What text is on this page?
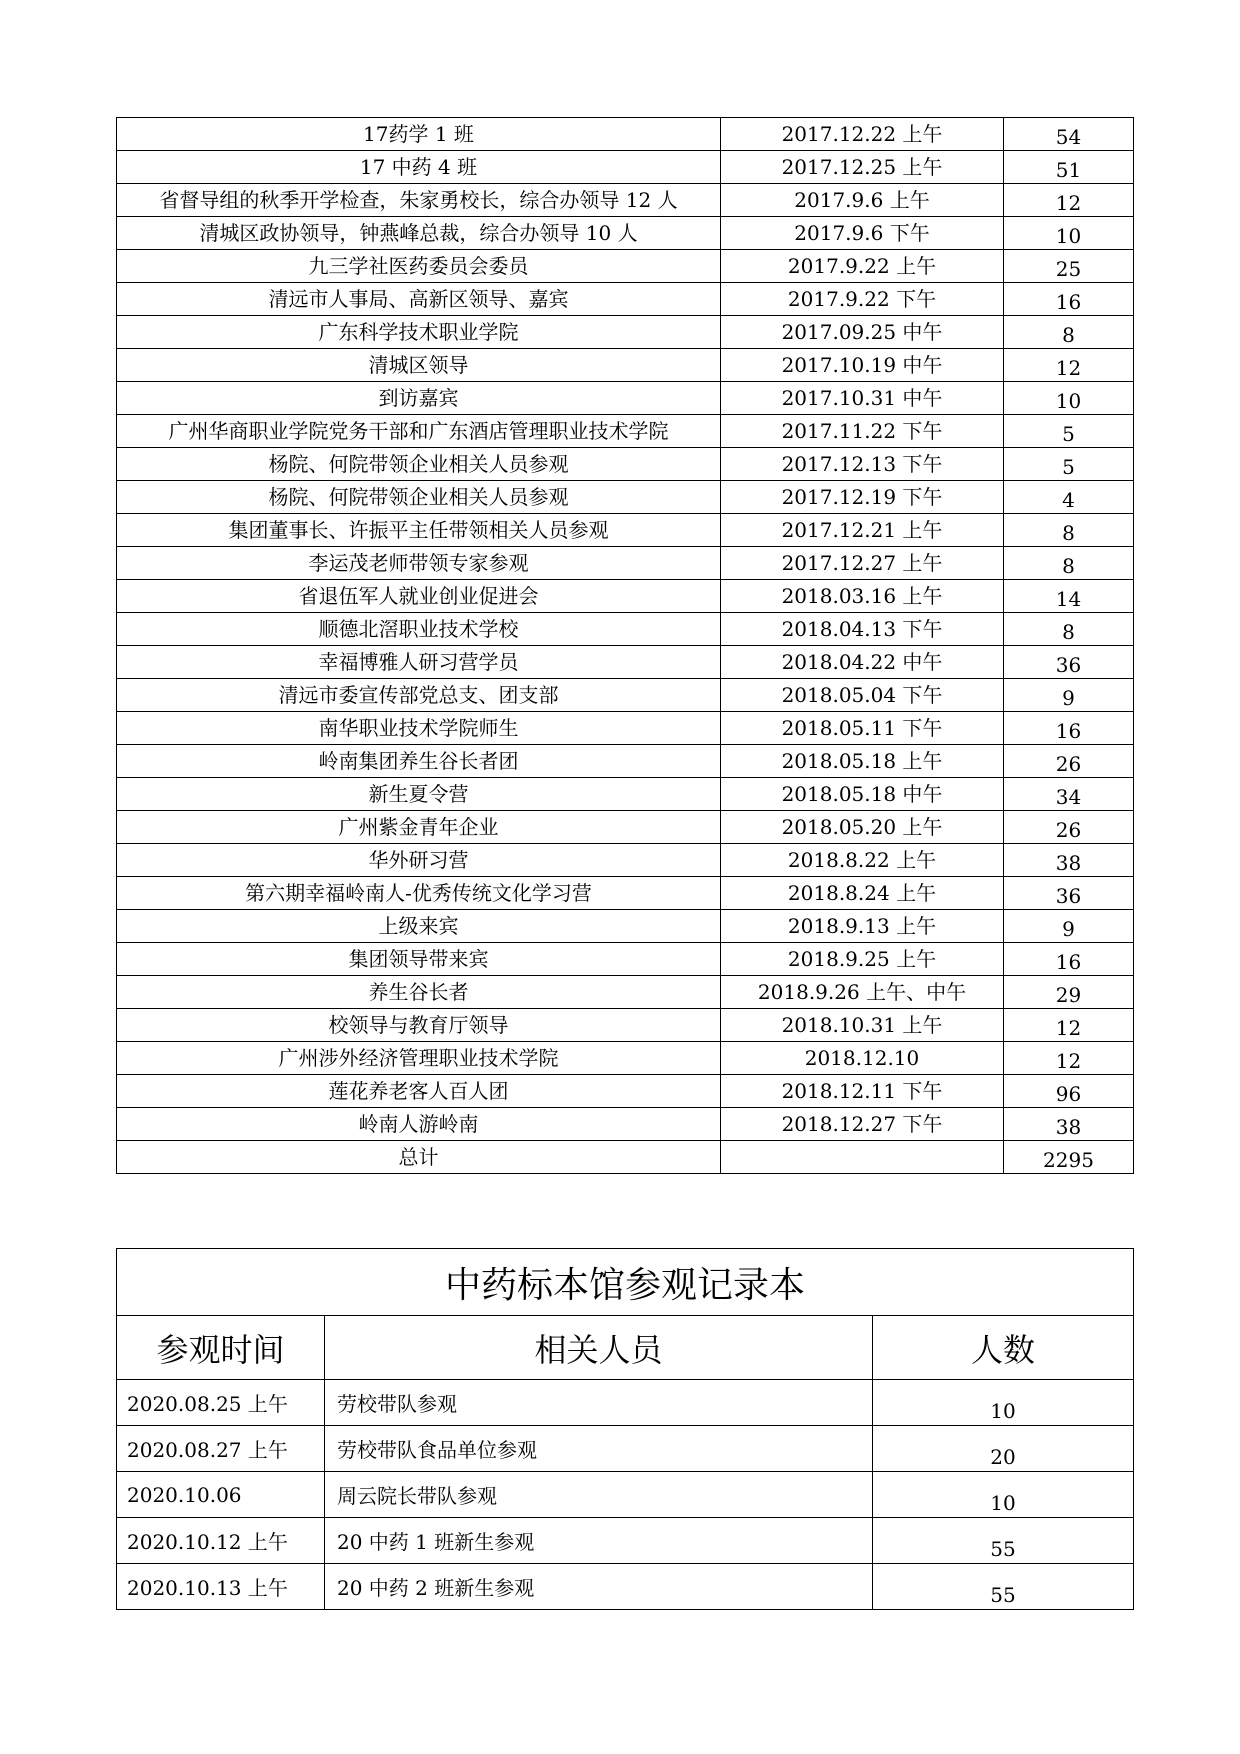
17药学 1 班	2017.12.22 上午	54
17 中药 4 班	2017.12.25 上午	51
省督导组的秋季开学检查，朱家勇校长，综合办领导 12 人	2017.9.6 上午	12
清城区政协领导，钟燕峰总裁，综合办领导 10 人	2017.9.6 下午	10
九三学社医药委员会委员	2017.9.22 上午	25
清远市人事局、高新区领导、嘉宾	2017.9.22 下午	16
广东科学技术职业学院	2017.09.25 中午	8
清城区领导	2017.10.19 中午	12
到访嘉宾	2017.10.31 中午	10
广州华商职业学院党务干部和广东酒店管理职业技术学院	2017.11.22 下午	5
杨院、何院带领企业相关人员参观	2017.12.13 下午	5
杨院、何院带领企业相关人员参观	2017.12.19 下午	4
集团董事长、许振平主任带领相关人员参观	2017.12.21 上午	8
李运茂老师带领专家参观	2017.12.27 上午	8
省退伍军人就业创业促进会	2018.03.16 上午	14
顺德北滘职业技术学校	2018.04.13 下午	8
幸福博雅人研习营学员	2018.04.22 中午	36
清远市委宣传部党总支、团支部	2018.05.04 下午	9
南华职业技术学院师生	2018.05.11 下午	16
岭南集团养生谷长者团	2018.05.18 上午	26
新生夏令营	2018.05.18 中午	34
广州紫金青年企业	2018.05.20 上午	26
华外研习营	2018.8.22 上午	38
第六期幸福岭南人-优秀传统文化学习营	2018.8.24 上午	36
上级来宾	2018.9.13 上午	9
集团领导带来宾	2018.9.25 上午	16
养生谷长者	2018.9.26 上午、中午	29
校领导与教育厅领导	2018.10.31 上午	12
广州涉外经济管理职业技术学院	2018.12.10	12
莲花养老客人百人团	2018.12.11 下午	96
岭南人游岭南	2018.12.27 下午	38
总计		2295
中药标本馆参观记录本		
参观时间	相关人员	人数
2020.08.25 上午	劳校带队参观	10
2020.08.27 上午	劳校带队食品单位参观	20
2020.10.06	周云院长带队参观	10
2020.10.12 上午	20 中药 1 班新生参观	55
2020.10.13 上午	20 中药 2 班新生参观	55
